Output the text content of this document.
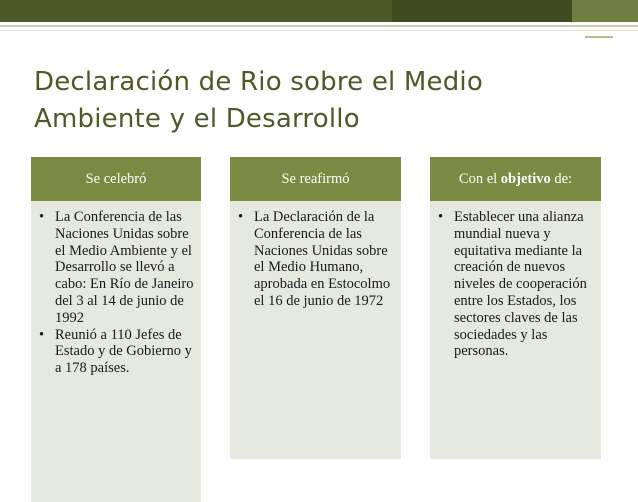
Declaración de Rio sobre el Medio Ambiente y el Desarrollo
Se celebró
• La Conferencia de las Naciones Unidas sobre el Medio Ambiente y el Desarrollo se llevó a cabo: En Río de Janeiro del 3 al 14 de junio de 1992
• Reunió a 110 Jefes de Estado y de Gobierno y a 178 países.
Se reafirmó
• La Declaración de la Conferencia de las Naciones Unidas sobre el Medio Humano, aprobada en Estocolmo el 16 de junio de 1972
Con el objetivo de:
• Establecer una alianza mundial nueva y equitativa mediante la creación de nuevos niveles de cooperación entre los Estados, los sectores claves de las sociedades y las personas.
